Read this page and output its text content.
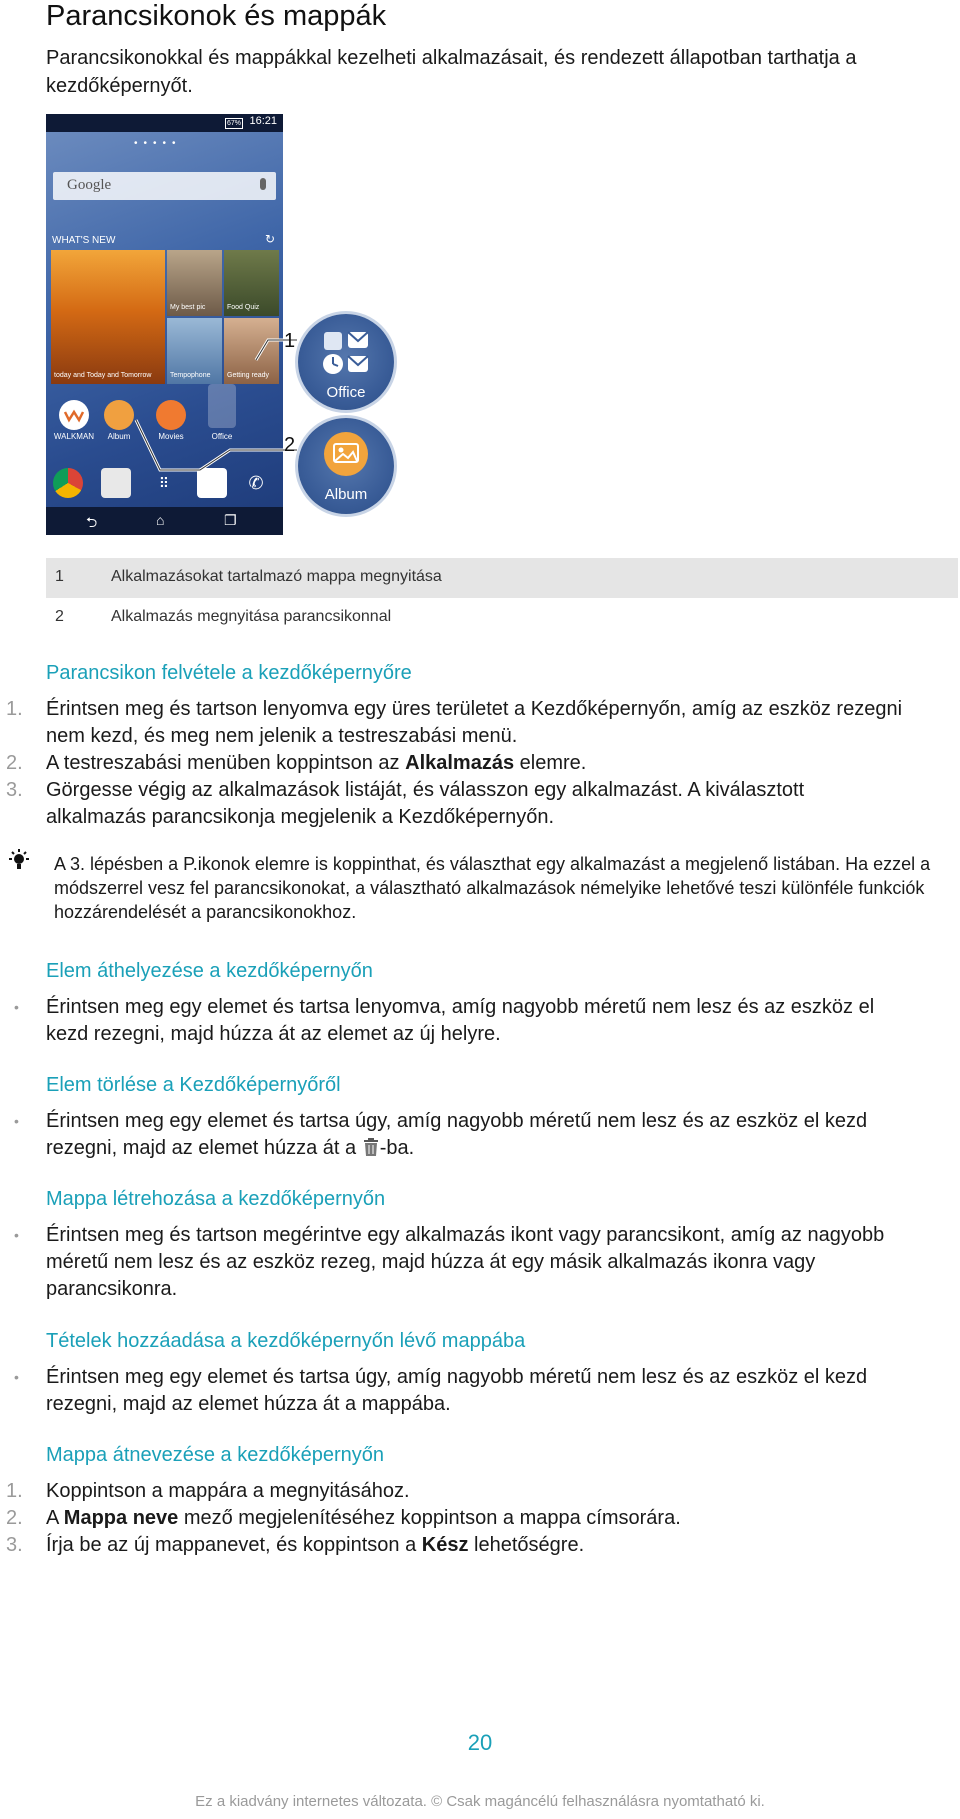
Parancsikonok és mappák

Parancsikonokkal és mappákkal kezelheti alkalmazásait, és rendezett állapotban tarthatja a kezdőképernyőt.

67% 16:21
•••••
Google
WHAT'S NEW	↻
today and Today and Tomorrow
My best pic	Food Quiz
Tempophone Getting ready
WALKMAN	Album	Movies	Office
⠿	✆
⮌	⌂	❐
Office
1
Album
2
1	Alkalmazásokat tartalmazó mappa megnyitása
2	Alkalmazás megnyitása parancsikonnal
Parancsikon felvétele a kezdőképernyőre
1. Érintsen meg és tartson lenyomva egy üres területet a Kezdőképernyőn, amíg az eszköz rezegni nem kezd, és meg nem jelenik a testreszabási menü.
2. A testreszabási menüben koppintson az Alkalmazás elemre.
3. Görgesse végig az alkalmazások listáját, és válasszon egy alkalmazást. A kiválasztott alkalmazás parancsikonja megjelenik a Kezdőképernyőn.
A 3. lépésben a P.ikonok elemre is koppinthat, és választhat egy alkalmazást a megjelenő listában. Ha ezzel a módszerrel vesz fel parancsikonokat, a választható alkalmazások némelyike lehetővé teszi különféle funkciók hozzárendelését a parancsikonokhoz.
Elem áthelyezése a kezdőképernyőn
• Érintsen meg egy elemet és tartsa lenyomva, amíg nagyobb méretű nem lesz és az eszköz el kezd rezegni, majd húzza át az elemet az új helyre.
Elem törlése a Kezdőképernyőről
• Érintsen meg egy elemet és tartsa úgy, amíg nagyobb méretű nem lesz és az eszköz el kezd rezegni, majd az elemet húzza át a -ba.
Mappa létrehozása a kezdőképernyőn
• Érintsen meg és tartson megérintve egy alkalmazás ikont vagy parancsikont, amíg az nagyobb méretű nem lesz és az eszköz rezeg, majd húzza át egy másik alkalmazás ikonra vagy parancsikonra.
Tételek hozzáadása a kezdőképernyőn lévő mappába
• Érintsen meg egy elemet és tartsa úgy, amíg nagyobb méretű nem lesz és az eszköz el kezd rezegni, majd az elemet húzza át a mappába.
Mappa átnevezése a kezdőképernyőn
1. Koppintson a mappára a megnyitásához.
2. A Mappa neve mező megjelenítéséhez koppintson a mappa címsorára.
3. Írja be az új mappanevet, és koppintson a Kész lehetőségre.
20
Ez a kiadvány internetes változata. © Csak magáncélú felhasználásra nyomtatható ki.
